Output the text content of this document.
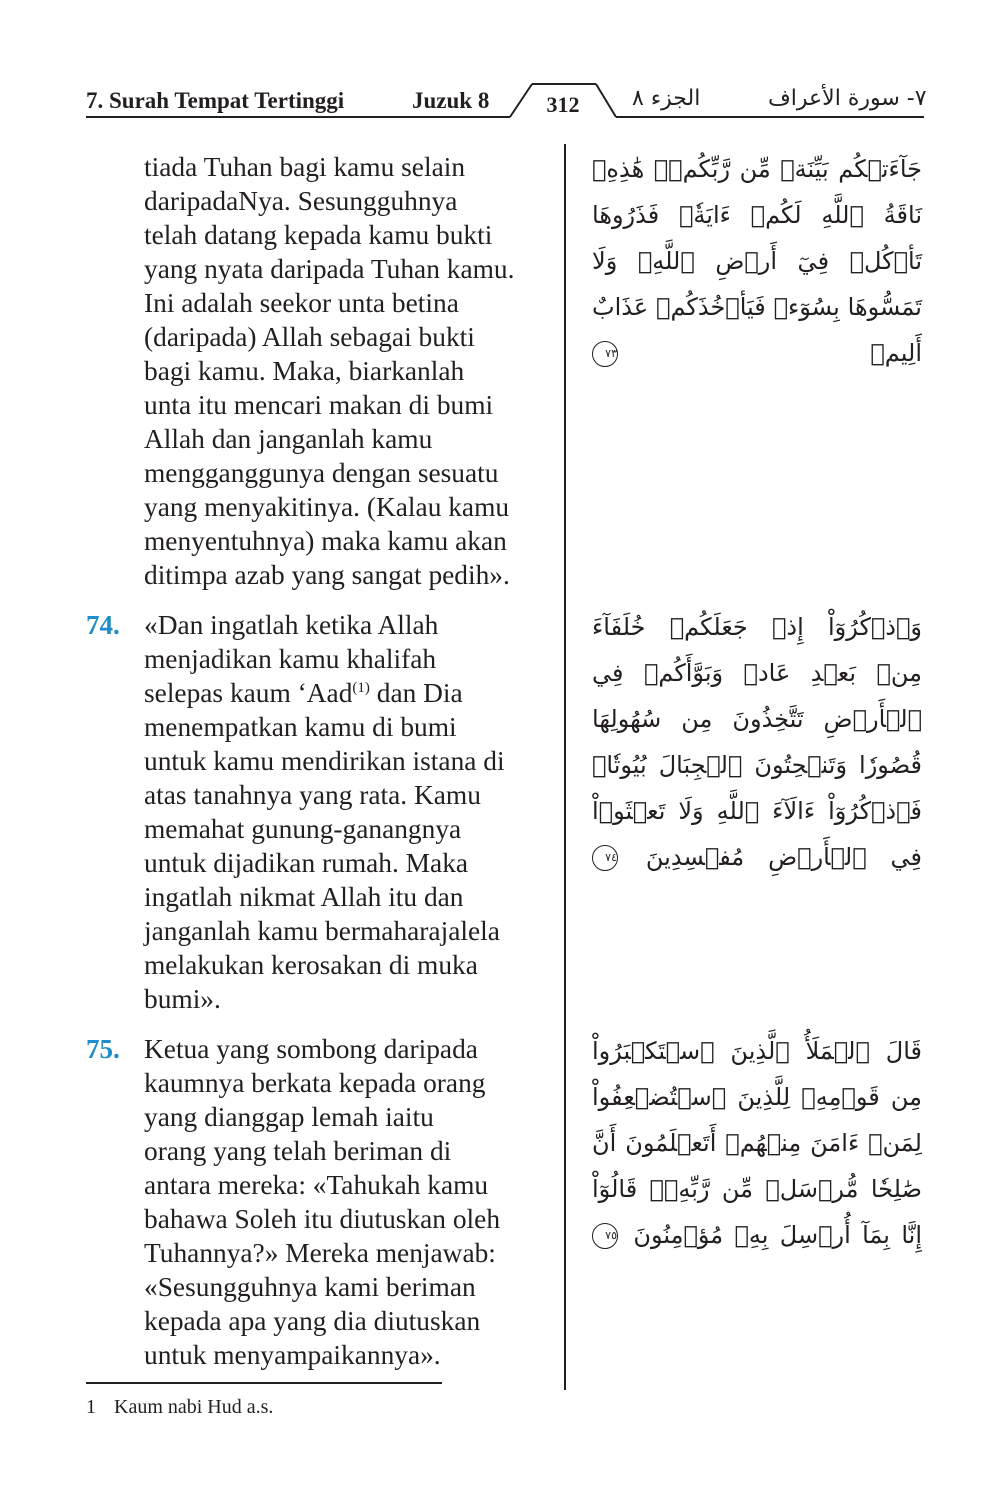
7. Surah Tempat Tertinggi	Juzuk 8	312 الجزء ٨	٧- سورة الأعراف
tiada Tuhan bagi kamu selain
daripadaNya. Sesungguhnya
telah datang kepada kamu bukti
yang nyata daripada Tuhan kamu.
Ini adalah seekor unta betina
(daripada) Allah sebagai bukti
bagi kamu. Maka, biarkanlah
unta itu mencari makan di bumi
Allah dan janganlah kamu
mengganggunya dengan sesuatu
yang menyakitinya. (Kalau kamu
menyentuhnya) maka kamu akan
ditimpa azab yang sangat pedih».
جَآءَتۡكُم بَيِّنَةٞ مِّن رَّبِّكُمۡۖ هَٰذِهِۦ نَاقَةُ ٱللَّهِ لَكُمۡ ءَايَةٗۖ فَذَرُوهَا تَأۡكُلۡ فِيٓ أَرۡضِ ٱللَّهِۖ وَلَا تَمَسُّوهَا بِسُوٓءٖ فَيَأۡخُذَكُمۡ عَذَابٌ أَلِيمٞ ٧٣
74. «Dan ingatlah ketika Allah
menjadikan kamu khalifah
selepas kaum ‘Aad$^{(1)}$ dan Dia
menempatkan kamu di bumi
untuk kamu mendirikan istana di
atas tanahnya yang rata. Kamu
memahat gunung-ganangnya
untuk dijadikan rumah. Maka
ingatlah nikmat Allah itu dan
janganlah kamu bermaharajalela
melakukan kerosakan di muka
bumi».
وَٱذۡكُرُوٓاْ إِذۡ جَعَلَكُمۡ خُلَفَآءَ مِنۢ بَعۡدِ عَادٖ وَبَوَّأَكُمۡ فِي ٱلۡأَرۡضِ تَتَّخِذُونَ مِن سُهُولِهَا قُصُورٗا وَتَنۡحِتُونَ ٱلۡجِبَالَ بُيُوتٗاۖ فَٱذۡكُرُوٓاْ ءَالَآءَ ٱللَّهِ وَلَا تَعۡثَوۡاْ فِي ٱلۡأَرۡضِ مُفۡسِدِينَ ٧٤
75. Ketua yang sombong daripada
kaumnya berkata kepada orang
yang dianggap lemah iaitu
orang yang telah beriman di
antara mereka: «Tahukah kamu
bahawa Soleh itu diutuskan oleh
Tuhannya?» Mereka menjawab:
«Sesungguhnya kami beriman
kepada apa yang dia diutuskan
untuk menyampaikannya».
قَالَ ٱلۡمَلَأُ ٱلَّذِينَ ٱسۡتَكۡبَرُواْ مِن قَوۡمِهِۦ لِلَّذِينَ ٱسۡتُضۡعِفُواْ لِمَنۡ ءَامَنَ مِنۡهُمۡ أَتَعۡلَمُونَ أَنَّ صَٰلِحٗا مُّرۡسَلٞ مِّن رَّبِّهِۦۚ قَالُوٓاْ إِنَّا بِمَآ أُرۡسِلَ بِهِۦ مُؤۡمِنُونَ ٧٥
1 Kaum nabi Hud a.s.
